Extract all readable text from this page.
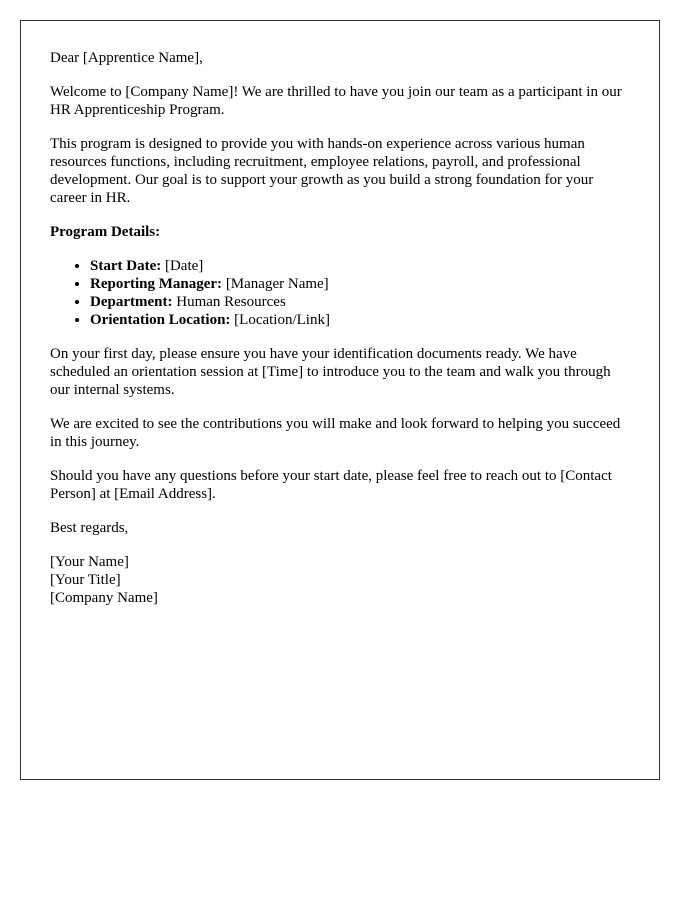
Dear [Apprentice Name],

Welcome to [Company Name]! We are thrilled to have you join our team as a participant in our HR Apprenticeship Program.

This program is designed to provide you with hands-on experience across various human resources functions, including recruitment, employee relations, payroll, and professional development. Our goal is to support your growth as you build a strong foundation for your career in HR.

Program Details:

• Start Date: [Date]
• Reporting Manager: [Manager Name]
• Department: Human Resources
• Orientation Location: [Location/Link]

On your first day, please ensure you have your identification documents ready. We have scheduled an orientation session at [Time] to introduce you to the team and walk you through our internal systems.

We are excited to see the contributions you will make and look forward to helping you succeed in this journey.

Should you have any questions before your start date, please feel free to reach out to [Contact Person] at [Email Address].

Best regards,

[Your Name]
[Your Title]
[Company Name]
